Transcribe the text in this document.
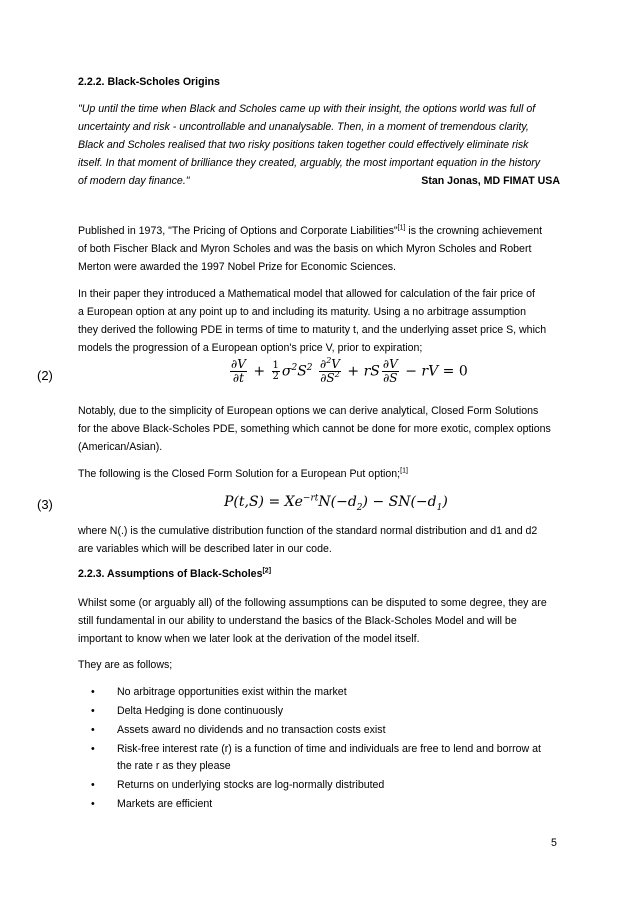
2.2.2. Black-Scholes Origins
"Up until the time when Black and Scholes came up with their insight, the options world was full of
uncertainty and risk - uncontrollable and unanalysable. Then, in a moment of tremendous clarity,
Black and Scholes realised that two risky positions taken together could effectively eliminate risk
itself. In that moment of brilliance they created, arguably, the most important equation in the history
of modern day finance."	Stan Jonas, MD FIMAT USA
Published in 1973, "The Pricing of Options and Corporate Liabilities"[1] is the crowning achievement
of both Fischer Black and Myron Scholes and was the basis on which Myron Scholes and Robert
Merton were awarded the 1997 Nobel Prize for Economic Sciences.
In their paper they introduced a Mathematical model that allowed for calculation of the fair price of
a European option at any point up to and including its maturity. Using a no arbitrage assumption
they derived the following PDE in terms of time to maturity t, and the underlying asset price S, which
models the progression of a European option's price V, prior to expiration;
(2)	$\frac{\partial V}{\partial t} + \frac{1}{2} \sigma^2S^2 \frac{\partial^2V}{\partial S^2}$ + rS $\frac{\partial V}{\partial S}$ − rV = 0
Notably, due to the simplicity of European options we can derive analytical, Closed Form Solutions
for the above Black-Scholes PDE, something which cannot be done for more exotic, complex options
(American/Asian).
The following is the Closed Form Solution for a European Put option;[1]
(3)	$P(t,S) = Xe^{-rt}N(-d_2) - SN(-d_1)$
where N(.) is the cumulative distribution function of the standard normal distribution and d1 and d2
are variables which will be described later in our code.
2.2.3. Assumptions of Black-Scholes[2]
Whilst some (or arguably all) of the following assumptions can be disputed to some degree, they are
still fundamental in our ability to understand the basics of the Black-Scholes Model and will be
important to know when we later look at the derivation of the model itself.
They are as follows;
• No arbitrage opportunities exist within the market
• Delta Hedging is done continuously
• Assets award no dividends and no transaction costs exist
• Risk-free interest rate (r) is a function of time and individuals are free to lend and borrow at
the rate r as they please
• Returns on underlying stocks are log-normally distributed
• Markets are efficient
5
